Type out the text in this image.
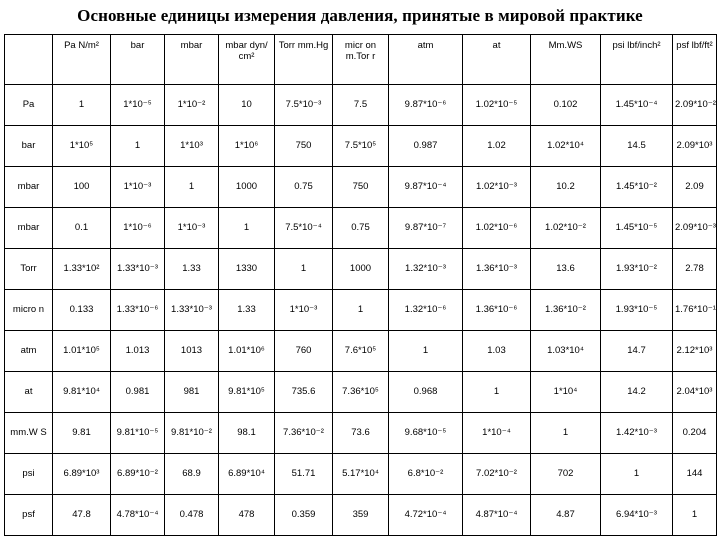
Основные единицы измерения давления, принятые в мировой практике
	Pa N/m²	bar	mbar	mbar dyn/ cm²	Torr mm.Hg	micr on m.Tor r	atm	at	Mm.WS	psi lbf/inch²	psf lbf/ft²
Pa	1	1*10⁻⁵	1*10⁻²	10	7.5*10⁻³	7.5	9.87*10⁻⁶	1.02*10⁻⁵	0.102	1.45*10⁻⁴	2.09*10⁻²
bar	1*10⁵	1	1*10³	1*10⁶	750	7.5*10⁵	0.987	1.02	1.02*10⁴	14.5	2.09*10³
mbar	100	1*10⁻³	1	1000	0.75	750	9.87*10⁻⁴	1.02*10⁻³	10.2	1.45*10⁻²	2.09
mbar	0.1	1*10⁻⁶	1*10⁻³	1	7.5*10⁻⁴	0.75	9.87*10⁻⁷	1.02*10⁻⁶	1.02*10⁻²	1.45*10⁻⁵	2.09*10⁻³
Torr	1.33*10²	1.33*10⁻³	1.33	1330	1	1000	1.32*10⁻³	1.36*10⁻³	13.6	1.93*10⁻²	2.78
micro n	0.133	1.33*10⁻⁶	1.33*10⁻³	1.33	1*10⁻³	1	1.32*10⁻⁶	1.36*10⁻⁶	1.36*10⁻²	1.93*10⁻⁵	1.76*10⁻¹
atm	1.01*10⁵	1.013	1013	1.01*10⁶	760	7.6*10⁵	1	1.03	1.03*10⁴	14.7	2.12*10³
at	9.81*10⁴	0.981	981	9.81*10⁵	735.6	7.36*10⁵	0.968	1	1*10⁴	14.2	2.04*10³
mm.W S	9.81	9.81*10⁻⁵	9.81*10⁻²	98.1	7.36*10⁻²	73.6	9.68*10⁻⁵	1*10⁻⁴	1	1.42*10⁻³	0.204
psi	6.89*10³	6.89*10⁻²	68.9	6.89*10⁴	51.71	5.17*10⁴	6.8*10⁻²	7.02*10⁻²	702	1	144
psf	47.8	4.78*10⁻⁴	0.478	478	0.359	359	4.72*10⁻⁴	4.87*10⁻⁴	4.87	6.94*10⁻³	1
